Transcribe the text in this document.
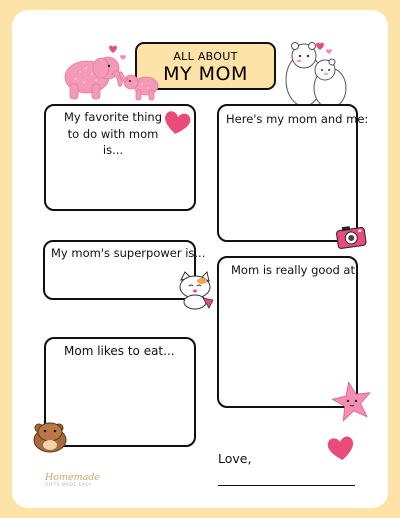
ALL ABOUT
MY MOM
My favorite thing to do with mom is...
Here's my mom and me:
My mom's superpower is...
Mom is really good at:
Mom likes to eat...
Love,
Homemade
GIFTS MADE EASY
